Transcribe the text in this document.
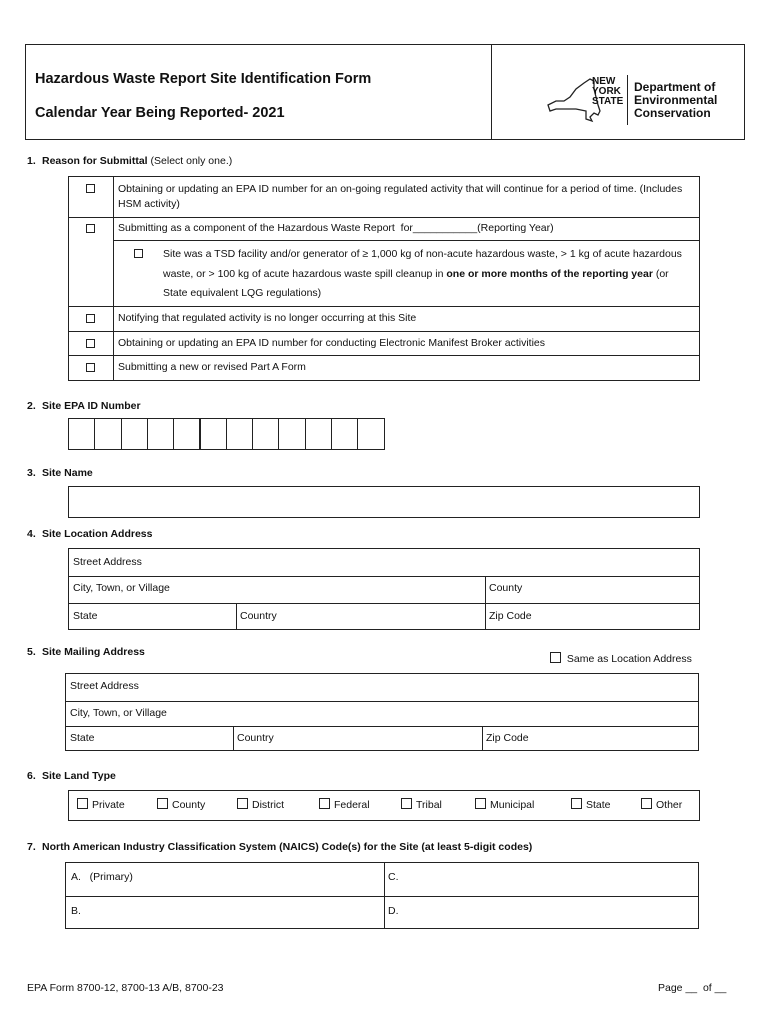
Hazardous Waste Report Site Identification Form
Calendar Year Being Reported- 2021
NEW
YORK
STATE
Department of
Environmental
Conservation
1. Reason for Submittal (Select only one.)
Obtaining or updating an EPA ID number for an on-going regulated activity that will continue for a period of time. (Includes HSM activity)
Submitting as a component of the Hazardous Waste Report  for___________(Reporting Year)
Site was a TSD facility and/or generator of ≥ 1,000 kg of non-acute hazardous waste, > 1 kg of acute hazardous waste, or > 100 kg of acute hazardous waste spill cleanup in one or more months of the reporting year (or State equivalent LQG regulations)
Notifying that regulated activity is no longer occurring at this Site
Obtaining or updating an EPA ID number for conducting Electronic Manifest Broker activities
Submitting a new or revised Part A Form
2. Site EPA ID Number
3. Site Name
4. Site Location Address
Street Address
City, Town, or Village	County
State	Country	Zip Code
5. Site Mailing Address
Same as Location Address
Street Address
City, Town, or Village
State	Country	Zip Code
6. Site Land Type
Private	County	District	Federal	Tribal	Municipal	State	Other
7. North American Industry Classification System (NAICS) Code(s) for the Site (at least 5-digit codes)
A.   (Primary)	C.
B.	D.
EPA Form 8700-12, 8700-13 A/B, 8700-23	Page __  of __
